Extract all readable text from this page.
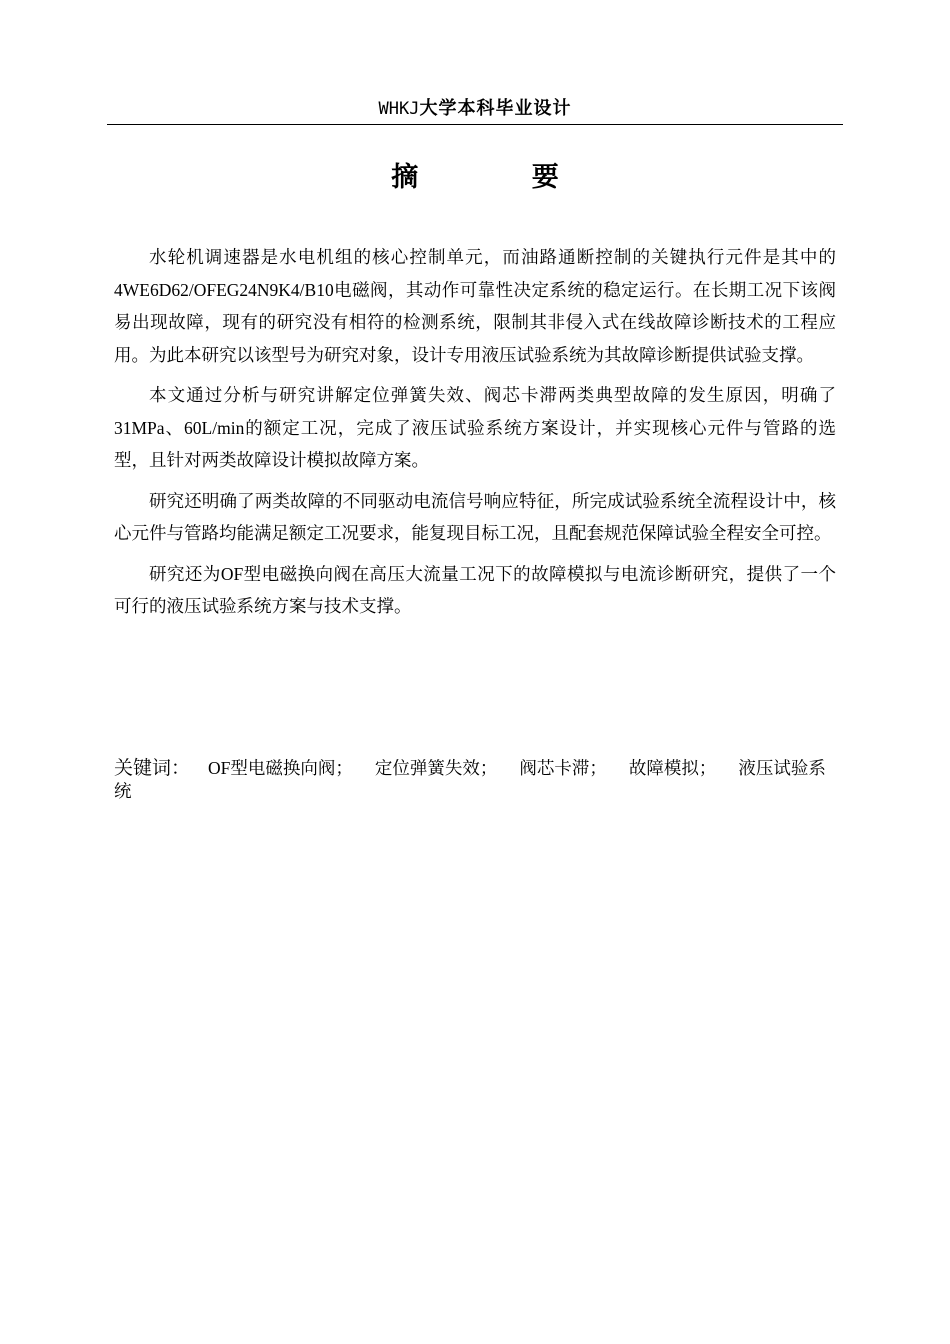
WHKJ大学本科毕业设计
摘 要

水轮机调速器是水电机组的核心控制单元，而油路通断控制的关键执行元件是其中的4WE6D62/OFEG24N9K4/B10电磁阀，其动作可靠性决定系统的稳定运行。在长期工况下该阀易出现故障，现有的研究没有相符的检测系统，限制其非侵入式在线故障诊断技术的工程应用。为此本研究以该型号为研究对象，设计专用液压试验系统为其故障诊断提供试验支撑。

本文通过分析与研究讲解定位弹簧失效、阀芯卡滞两类典型故障的发生原因，明确了31MPa、60L/min的额定工况，完成了液压试验系统方案设计，并实现核心元件与管路的选型，且针对两类故障设计模拟故障方案。

研究还明确了两类故障的不同驱动电流信号响应特征，所完成试验系统全流程设计中，核心元件与管路均能满足额定工况要求，能复现目标工况，且配套规范保障试验全程安全可控。

研究还为OF型电磁换向阀在高压大流量工况下的故障模拟与电流诊断研究，提供了一个可行的液压试验系统方案与技术支撑。

关键词： OF型电磁换向阀； 定位弹簧失效； 阀芯卡滞； 故障模拟； 液压试验系统
